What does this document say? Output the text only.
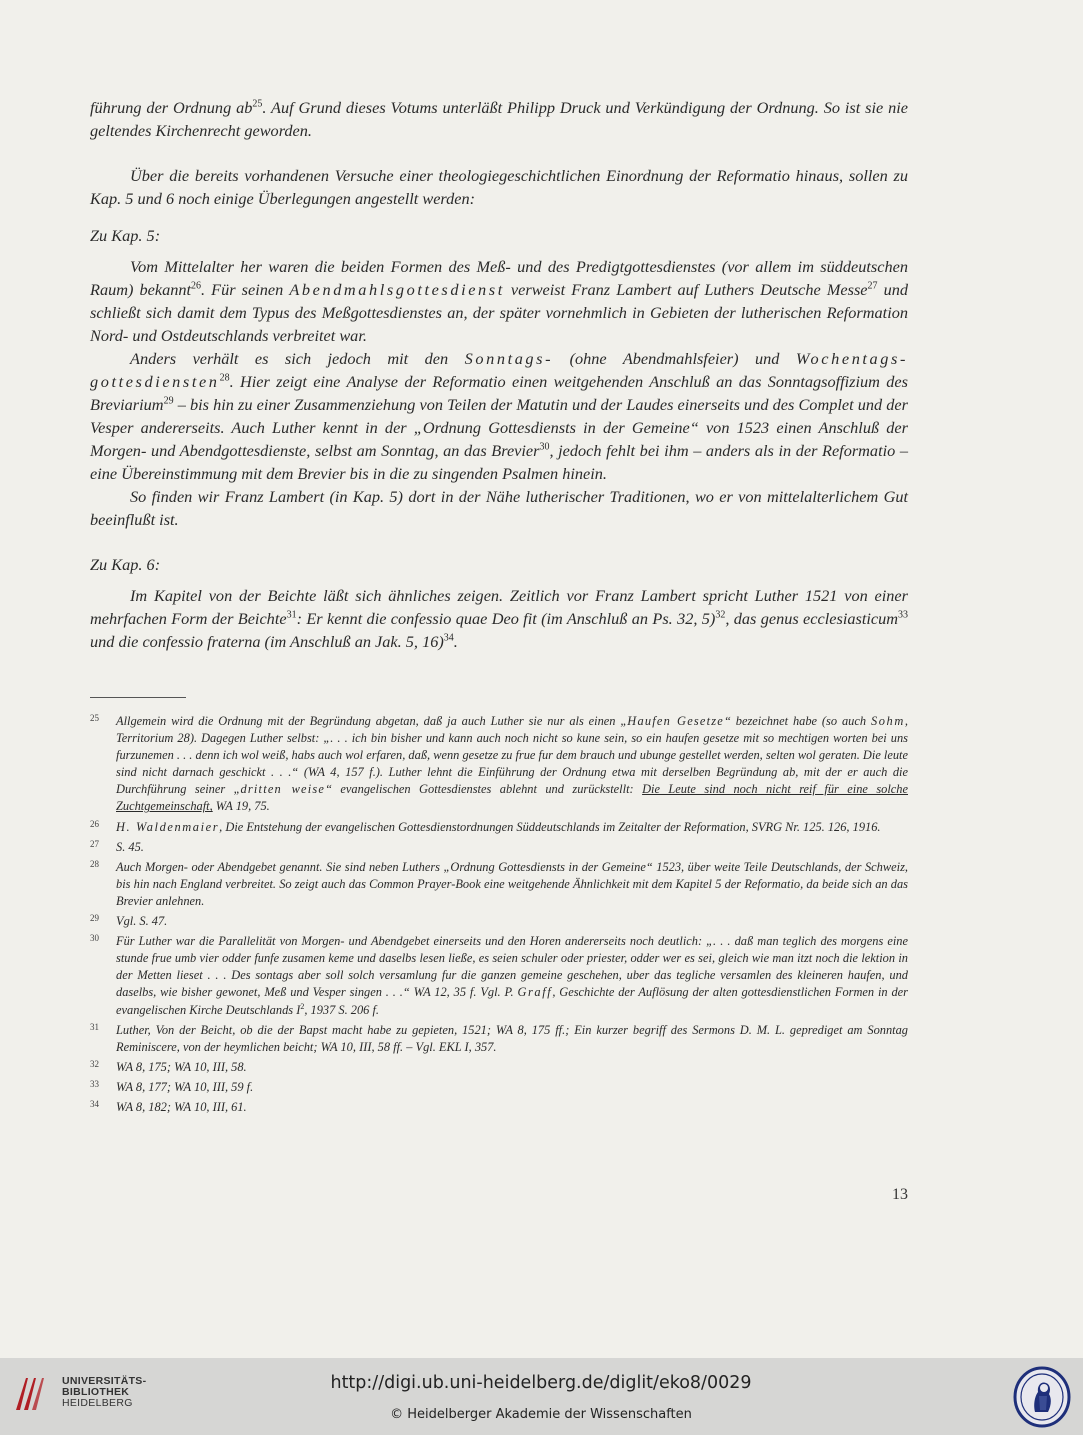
führung der Ordnung $ab^{25}$. Auf Grund dieses Votums unterläßt Philipp Druck und Verkündigung der Ordnung. So ist sie nie geltendes Kirchenrecht geworden.

Über die bereits vorhandenen Versuche einer theologiegeschichtlichen Einordnung der Reformatio hinaus, sollen zu Kap. 5 und 6 noch einige Überlegungen angestellt werden:

Zu Kap. 5:

Vom Mittelalter her waren die beiden Formen des Meß- und des Predigtgottesdienstes (vor allem im süddeutschen Raum) bekannt$^{26}$. Für seinen Abendmahlsgottesdienst verweist Franz Lambert auf Luthers Deutsche Messe$^{27}$ und schließt sich damit dem Typus des Meßgottesdienstes an, der später vornehmlich in Gebieten der lutherischen Reformation Nord- und Ostdeutschlands verbreitet war.

Anders verhält es sich jedoch mit den Sonntags- (ohne Abendmahlsfeier) und Wochentags-gottesdiensten$^{28}$. Hier zeigt eine Analyse der Reformatio einen weitgehenden Anschluß an das Sonntagsoffizium des Breviarium$^{29}$ – bis hin zu einer Zusammenziehung von Teilen der Matutin und der Laudes einerseits und des Complet und der Vesper andererseits. Auch Luther kennt in der „Ordnung Gottesdiensts in der Gemeine“ von 1523 einen Anschluß der Morgen- und Abendgottesdienste, selbst am Sonntag, an das Brevier$^{30}$, jedoch fehlt bei ihm – anders als in der Reformatio – eine Übereinstimmung mit dem Brevier bis in die zu singenden Psalmen hinein.

So finden wir Franz Lambert (in Kap. 5) dort in der Nähe lutherischer Traditionen, wo er von mittelalterlichem Gut beeinflußt ist.

Zu Kap. 6:

Im Kapitel von der Beichte läßt sich ähnliches zeigen. Zeitlich vor Franz Lambert spricht Luther 1521 von einer mehrfachen Form der Beichte$^{31}$: Er kennt die confessio quae Deo fit (im Anschluß an Ps. 32, 5)$^{32}$, das genus ecclesiasticum$^{33}$ und die confessio fraterna (im Anschluß an Jak. 5, 16)$^{34}$.

25 Allgemein wird die Ordnung mit der Begründung abgetan, daß ja auch Luther sie nur als einen „Haufen Gesetze“ bezeichnet habe (so auch Sohm, Territorium 28). Dagegen Luther selbst: „. . . ich bin bisher und kann auch noch nicht so kune sein, so ein haufen gesetze mit so mechtigen worten bei uns furzunemen . . . denn ich wol weiß, habs auch wol erfaren, daß, wenn gesetze zu frue fur dem brauch und ubunge gestellet werden, selten wol geraten. Die leute sind nicht darnach geschickt . . .“ (WA 4, 157 f.). Luther lehnt die Einführung der Ordnung etwa mit derselben Begründung ab, mit der er auch die Durchführung seiner „dritten weise“ evangelischen Gottesdienstes ablehnt und zurückstellt: Die Leute sind noch nicht reif für eine solche Zuchtgemeinschaft, WA 19, 75.
26 H. Waldenmaier, Die Entstehung der evangelischen Gottesdienstordnungen Süddeutschlands im Zeitalter der Reformation, SVRG Nr. 125. 126, 1916.
27 S. 45.
28 Auch Morgen- oder Abendgebet genannt. Sie sind neben Luthers „Ordnung Gottesdiensts in der Gemeine“ 1523, über weite Teile Deutschlands, der Schweiz, bis hin nach England verbreitet. So zeigt auch das Common Prayer-Book eine weitgehende Ähnlichkeit mit dem Kapitel 5 der Reformatio, da beide sich an das Brevier anlehnen.
29 Vgl. S. 47.
30 Für Luther war die Parallelität von Morgen- und Abendgebet einerseits und den Horen andererseits noch deutlich: „. . . daß man teglich des morgens eine stunde frue umb vier odder funfe zusamen keme und daselbs lesen ließe, es seien schuler oder priester, odder wer es sei, gleich wie man itzt noch die lektion in der Metten lieset . . . Des sontags aber soll solch versamlung fur die ganzen gemeine geschehen, uber das tegliche versamlen des kleineren haufen, und daselbs, wie bisher gewonet, Meß und Vesper singen . . .“ WA 12, 35 f. Vgl. P. Graff, Geschichte der Auflösung der alten gottesdienstlichen Formen in der evangelischen Kirche Deutschlands $I^2$, 1937 S. 206 f.
31 Luther, Von der Beicht, ob die der Bapst macht habe zu gepieten, 1521; WA 8, 175 ff.; Ein kurzer begriff des Sermons D. M. L. geprediget am Sonntag Reminiscere, von der heymlichen beicht; WA 10, III, 58 ff. – Vgl. EKL I, 357.
32 WA 8, 175; WA 10, III, 58.
33 WA 8, 177; WA 10, III, 59 f.
34 WA 8, 182; WA 10, III, 61.
13
UNIVERSITÄTS-
BIBLIOTHEK
HEIDELBERG
http://digi.ub.uni-heidelberg.de/diglit/eko8/0029
© Heidelberger Akademie der Wissenschaften
